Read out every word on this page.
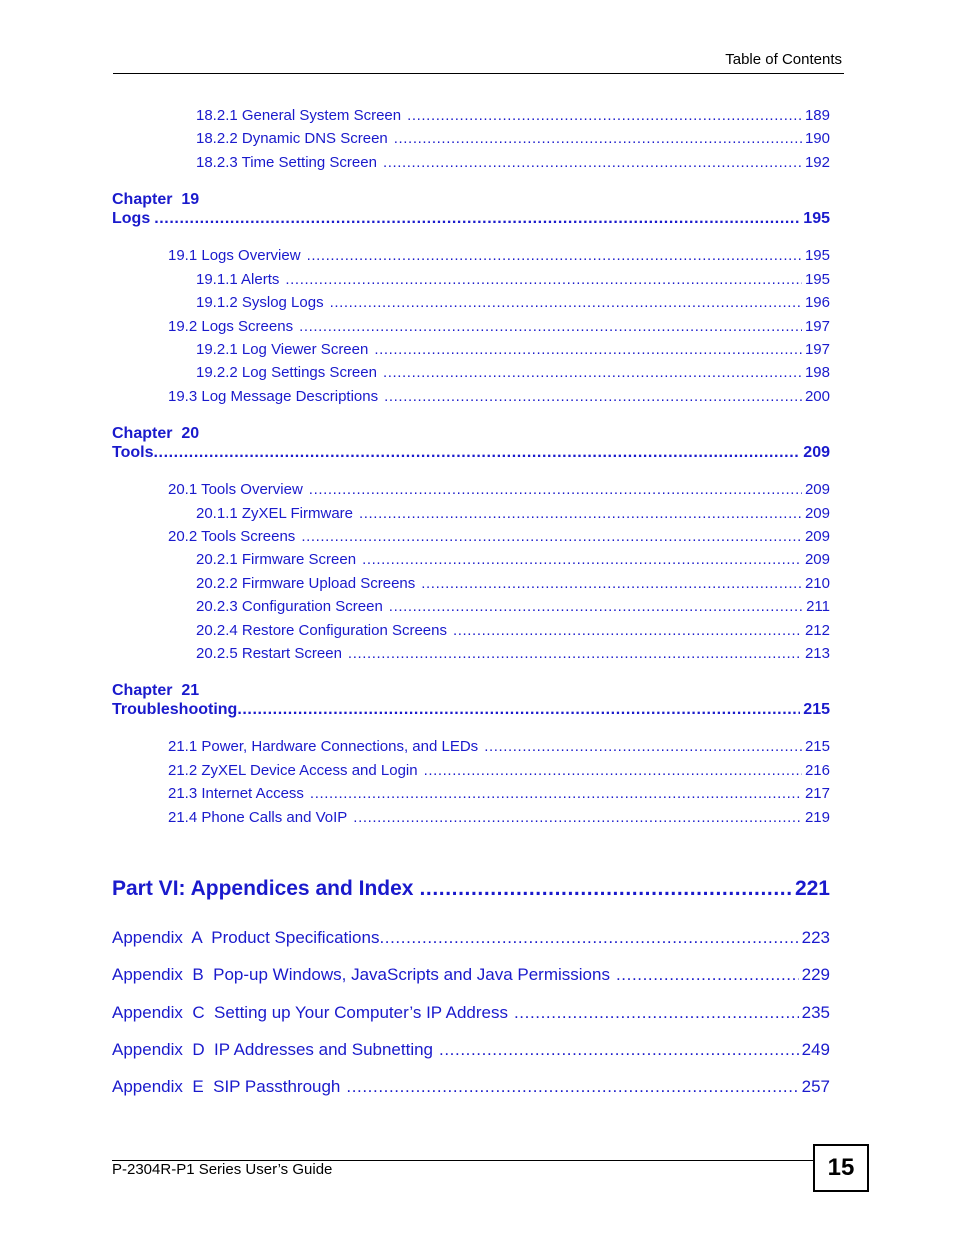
Table of Contents
18.2.1 General System Screen .....	189
18.2.2 Dynamic DNS Screen .....	190
18.2.3 Time Setting Screen .....	192
Chapter  19
Logs .....	195
19.1 Logs Overview .....	195
19.1.1 Alerts .....	195
19.1.2 Syslog Logs .....	196
19.2 Logs Screens .....	197
19.2.1 Log Viewer Screen .....	197
19.2.2 Log Settings Screen .....	198
19.3 Log Message Descriptions .....	200
Chapter  20
Tools .....	209
20.1 Tools Overview .....	209
20.1.1 ZyXEL Firmware .....	209
20.2 Tools Screens .....	209
20.2.1 Firmware Screen .....	209
20.2.2 Firmware Upload Screens .....	210
20.2.3 Configuration Screen .....	211
20.2.4 Restore Configuration Screens .....	212
20.2.5 Restart Screen .....	213
Chapter  21
Troubleshooting .....	215
21.1 Power, Hardware Connections, and LEDs .....	215
21.2 ZyXEL Device Access and Login .....	216
21.3 Internet Access .....	217
21.4 Phone Calls and VoIP .....	219
Part VI: Appendices and Index .....	221
Appendix  A  Product Specifications .....	223
Appendix  B  Pop-up Windows, JavaScripts and Java Permissions .....	229
Appendix  C  Setting up Your Computer’s IP Address .....	235
Appendix  D  IP Addresses and Subnetting .....	249
Appendix  E  SIP Passthrough .....	257
P-2304R-P1 Series User’s Guide	15
